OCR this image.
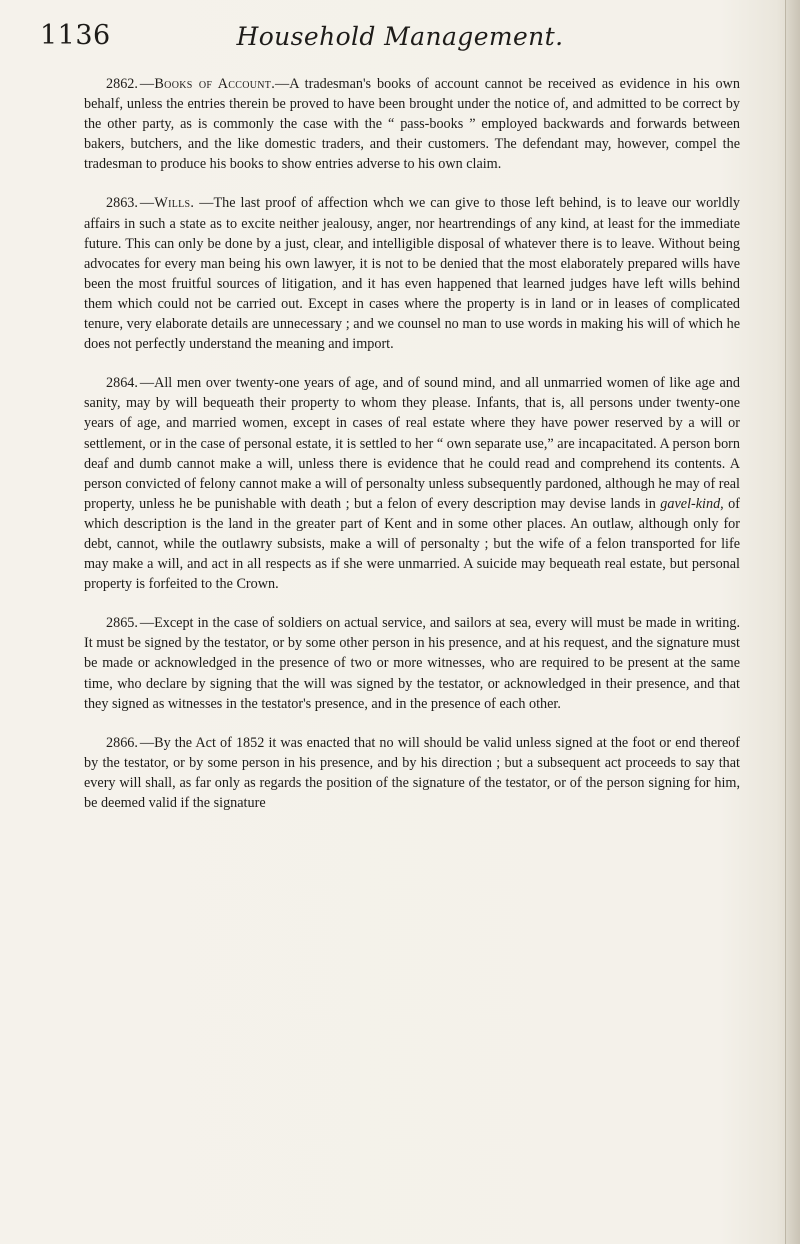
1136	Household Management.

2862. —Books of Account.—A tradesman's books of account cannot be received as evidence in his own behalf, unless the entries therein be proved to have been brought under the notice of, and admitted to be correct by the other party, as is commonly the case with the “ pass-books ” employed backwards and forwards between bakers, butchers, and the like domestic traders, and their customers. The defendant may, however, compel the tradesman to produce his books to show entries adverse to his own claim.

2863. —Wills. —The last proof of affection whch we can give to those left behind, is to leave our worldly affairs in such a state as to excite neither jealousy, anger, nor heartrendings of any kind, at least for the immediate future. This can only be done by a just, clear, and intelligible disposal of whatever there is to leave. Without being advocates for every man being his own lawyer, it is not to be denied that the most elaborately prepared wills have been the most fruitful sources of litigation, and it has even happened that learned judges have left wills behind them which could not be carried out. Except in cases where the property is in land or in leases of complicated tenure, very elaborate details are unnecessary ; and we counsel no man to use words in making his will of which he does not perfectly understand the meaning and import.

2864. —All men over twenty-one years of age, and of sound mind, and all unmarried women of like age and sanity, may by will bequeath their property to whom they please. Infants, that is, all persons under twenty-one years of age, and married women, except in cases of real estate where they have power reserved by a will or settlement, or in the case of personal estate, it is settled to her “ own separate use,” are incapacitated. A person born deaf and dumb cannot make a will, unless there is evidence that he could read and comprehend its contents. A person convicted of felony cannot make a will of personalty unless subsequently pardoned, although he may of real property, unless he be punishable with death ; but a felon of every description may devise lands in gavel-kind, of which description is the land in the greater part of Kent and in some other places. An outlaw, although only for debt, cannot, while the outlawry subsists, make a will of personalty ; but the wife of a felon transported for life may make a will, and act in all respects as if she were unmarried. A suicide may bequeath real estate, but personal property is forfeited to the Crown.

2865. —Except in the case of soldiers on actual service, and sailors at sea, every will must be made in writing. It must be signed by the testator, or by some other person in his presence, and at his request, and the signature must be made or acknowledged in the presence of two or more witnesses, who are required to be present at the same time, who declare by signing that the will was signed by the testator, or acknowledged in their presence, and that they signed as witnesses in the testator's presence, and in the presence of each other.

2866. —By the Act of 1852 it was enacted that no will should be valid unless signed at the foot or end thereof by the testator, or by some person in his presence, and by his direction ; but a subsequent act proceeds to say that every will shall, as far only as regards the position of the signature of the testator, or of the person signing for him, be deemed valid if the signature
